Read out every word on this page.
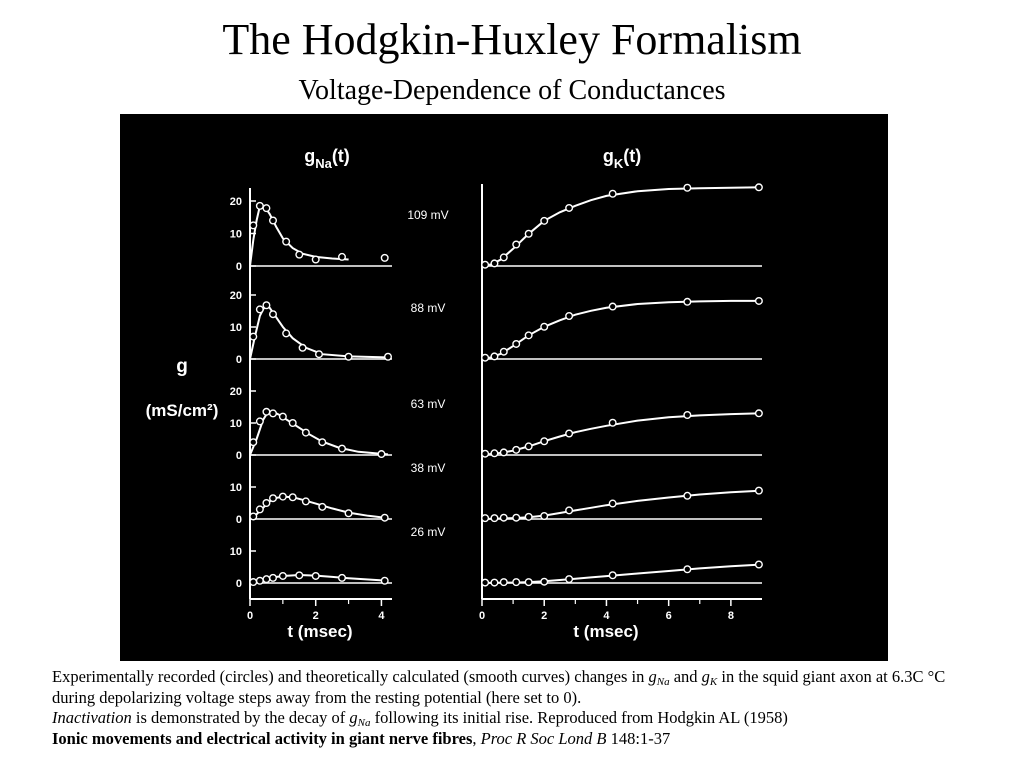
The Hodgkin-Huxley Formalism
Voltage-Dependence of Conductances
g
(mS/cm²)
$g_{Na}(t)$	$g_K(t)$
0
10
20
0
10
20
0
10
20
0
10
0
10
0	2	4
t (msec)
109 mV
88 mV
63 mV
38 mV
26 mV
0	2	4	6	8
t (msec)

Experimentally recorded (circles) and theoretically calculated (smooth curves) changes in $g_{Na}$ and $g_K$ in the squid giant axon at 6.3C °C during depolarizing voltage steps away from the resting potential (here set to 0).
Inactivation is demonstrated by the decay of $g_{Na}$ following its initial rise. Reproduced from Hodgkin AL (1958)
Ionic movements and electrical activity in giant nerve fibres, Proc R Soc Lond B 148:1-37
